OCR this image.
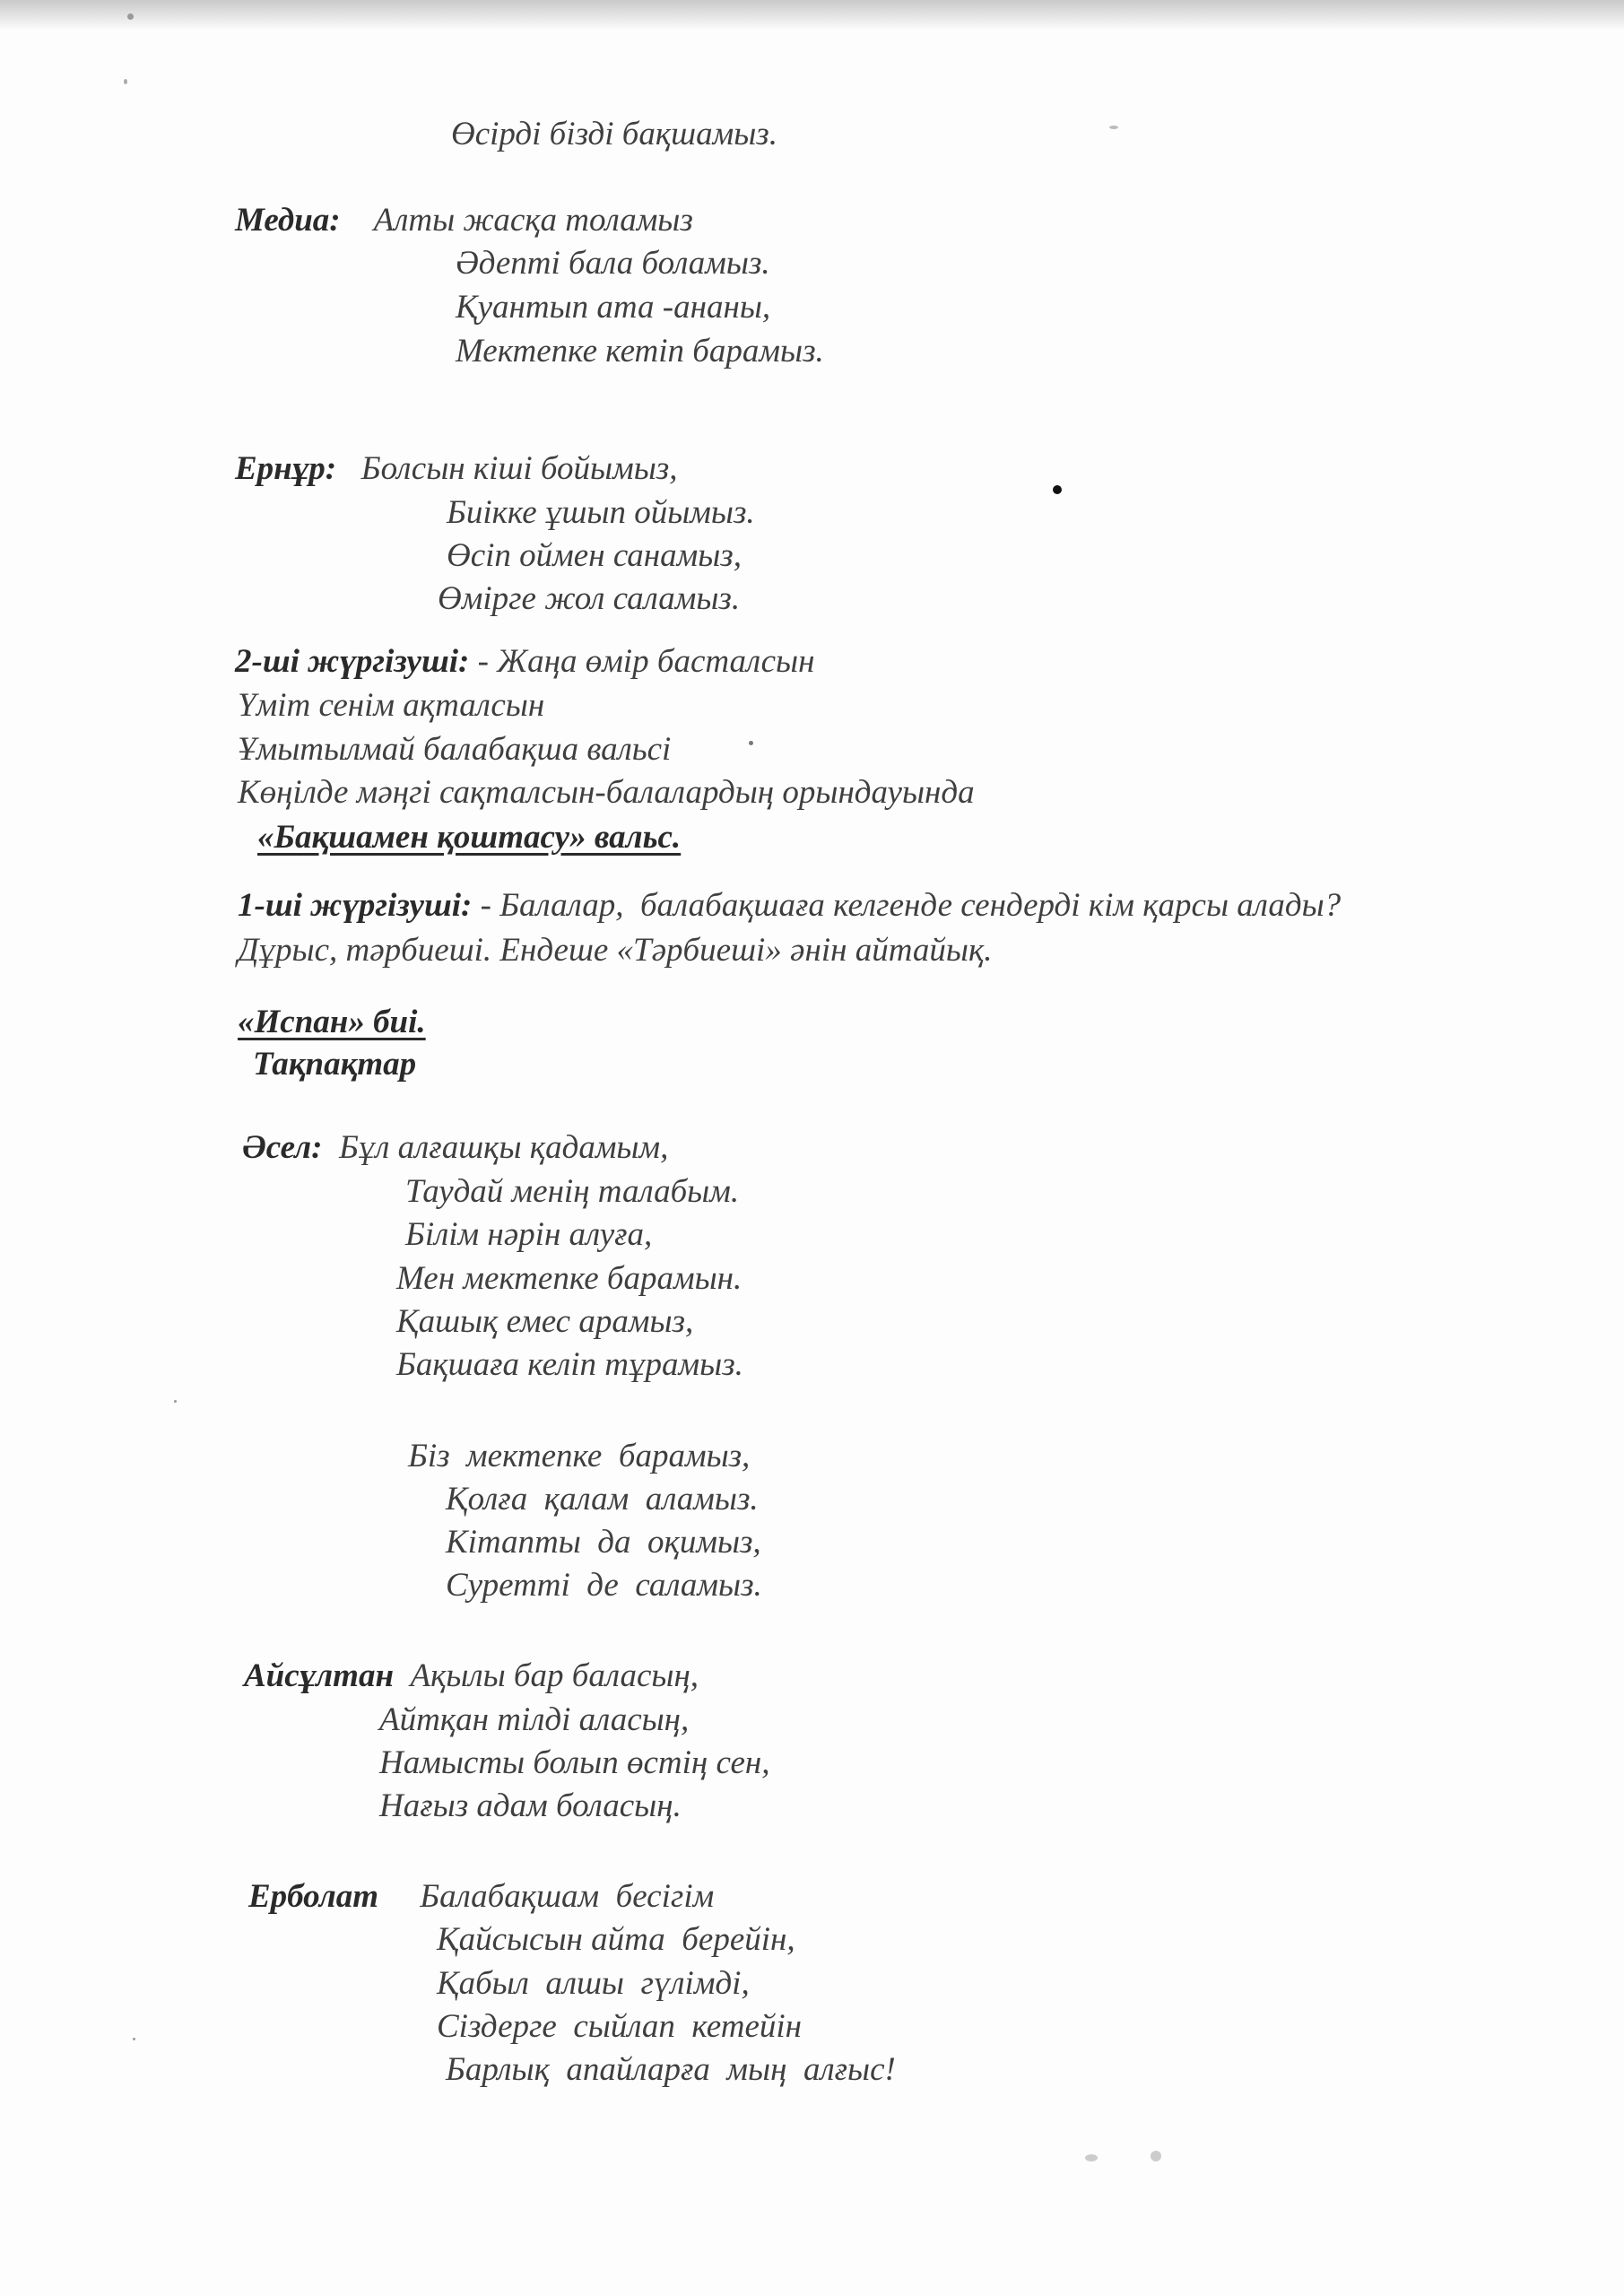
Өсірді бізді бақшамыз.
Медиа: Алты жасқа толамыз
Әдепті бала боламыз.
Қуантып ата -ананы,
Мектепке кетіп барамыз.
Ернұр: Болсын кіші бойымыз,
Биікке ұшып ойымыз.
Өсіп оймен санамыз,
Өмірге жол саламыз.
2-ші жүргізуші: - Жаңа өмір басталсын
Үміт сенім ақталсын
Ұмытылмай балабақша вальсі
Көңілде мәңгі сақталсын-балалардың орындауында
«Бақшамен қоштасу» вальс.
1-ші жүргізуші: - Балалар,  балабақшаға келгенде сендерді кім қарсы алады?
Дұрыс, тәрбиеші. Ендеше «Тәрбиеші» әнін айтайық.
«Испан» биі.
Тақпақтар
Әсел: Бұл алғашқы қадамым,
Таудай менің талабым.
Білім нәрін алуға,
Мен мектепке барамын.
Қашық емес арамыз,
Бақшаға келіп тұрамыз.
Біз  мектепке  барамыз,
Қолға  қалам  аламыз.
Кітапты  да  оқимыз,
Суретті  де  саламыз.
Айсұлтан Ақылы бар баласың,
Айтқан тілді аласың,
Намысты болып өстің сен,
Нағыз адам боласың.
Ерболат Балабақшам  бесігім
Қайсысын айта  берейін,
Қабыл  алшы  гүлімді,
Сіздерге  сыйлап  кетейін
Барлық  апайларға  мың  алғыс!
